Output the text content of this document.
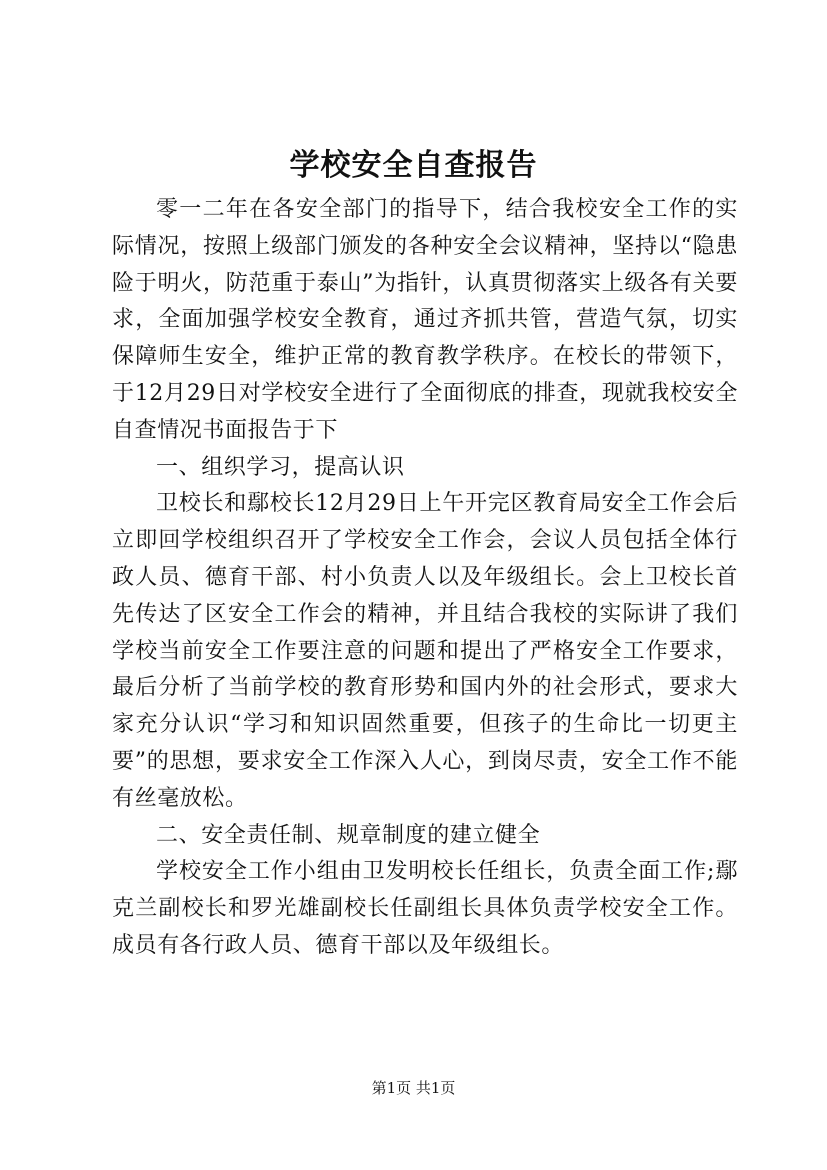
学校安全自查报告

零一二年在各安全部门的指导下，结合我校安全工作的实际情况，按照上级部门颁发的各种安全会议精神，坚持以“隐患险于明火，防范重于泰山”为指针，认真贯彻落实上级各有关要求，全面加强学校安全教育，通过齐抓共管，营造气氛，切实保障师生安全，维护正常的教育教学秩序。在校长的带领下，于12月29日对学校安全进行了全面彻底的排查，现就我校安全自查情况书面报告于下

一、组织学习，提高认识

卫校长和鄢校长12月29日上午开完区教育局安全工作会后立即回学校组织召开了学校安全工作会，会议人员包括全体行政人员、德育干部、村小负责人以及年级组长。会上卫校长首先传达了区安全工作会的精神，并且结合我校的实际讲了我们学校当前安全工作要注意的问题和提出了严格安全工作要求，最后分析了当前学校的教育形势和国内外的社会形式，要求大家充分认识“学习和知识固然重要，但孩子的生命比一切更主要”的思想，要求安全工作深入人心，到岗尽责，安全工作不能有丝毫放松。

二、安全责任制、规章制度的建立健全

学校安全工作小组由卫发明校长任组长，负责全面工作;鄢克兰副校长和罗光雄副校长任副组长具体负责学校安全工作。成员有各行政人员、德育干部以及年级组长。

第1页 共1页
